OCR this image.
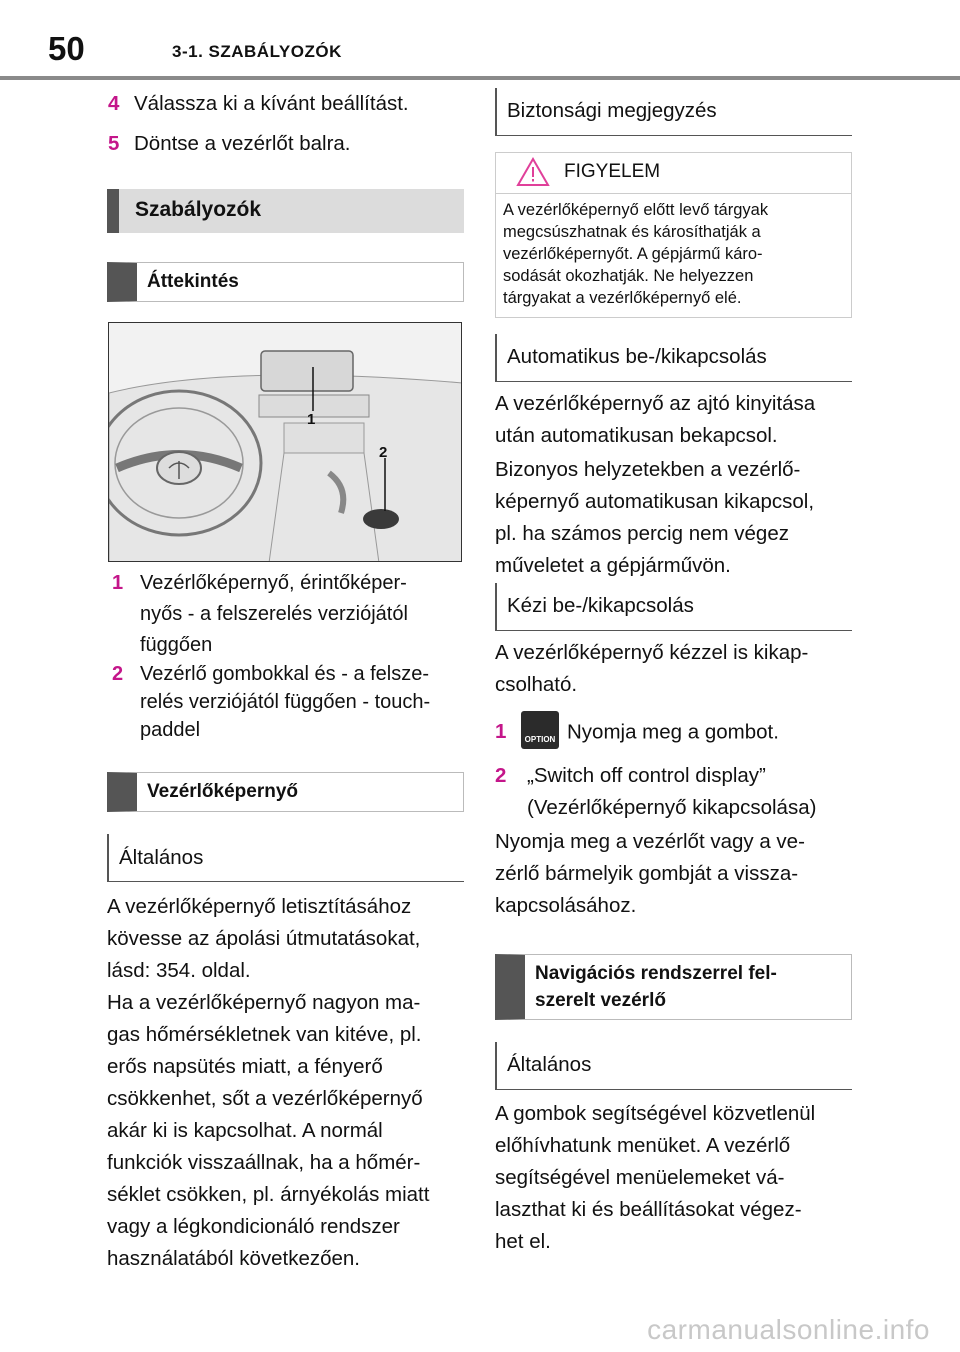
50	3-1. SZABÁLYOZÓK
4 Válassza ki a kívánt beállítást.
5 Döntse a vezérlőt balra.
Szabályozók
Áttekintés
1
2
1 Vezérlőképernyő, érintőképer-
nyős - a felszerelés verziójától
függően
2 Vezérlő gombokkal és - a felsze-
relés verziójától függően - touch-
paddel
Vezérlőképernyő
Általános
A vezérlőképernyő letisztításához
kövesse az ápolási útmutatásokat,
lásd: 354. oldal.
Ha a vezérlőképernyő nagyon ma-
gas hőmérsékletnek van kitéve, pl.
erős napsütés miatt, a fényerő
csökkenhet, sőt a vezérlőképernyő
akár ki is kapcsolhat. A normál
funkciók visszaállnak, ha a hőmér-
séklet csökken, pl. árnyékolás miatt
vagy a légkondicionáló rendszer
használatából következően.
Biztonsági megjegyzés
FIGYELEM
A vezérlőképernyő előtt levő tárgyak
megcsúszhatnak és károsíthatják a
vezérlőképernyőt. A gépjármű káro-
sodását okozhatják. Ne helyezzen
tárgyakat a vezérlőképernyő elé.
Automatikus be-/kikapcsolás
A vezérlőképernyő az ajtó kinyitása
után automatikusan bekapcsol.
Bizonyos helyzetekben a vezérlő-
képernyő automatikusan kikapcsol,
pl. ha számos percig nem végez
műveletet a gépjárművön.
Kézi be-/kikapcsolás
A vezérlőképernyő kézzel is kikap-
csolható.
1	OPTION Nyomja meg a gombot.
2	„Switch off control display”
(Vezérlőképernyő kikapcsolása)
Nyomja meg a vezérlőt vagy a ve-
zérlő bármelyik gombját a vissza-
kapcsolásához.
Navigációs rendszerrel fel-
szerelt vezérlő
Általános
A gombok segítségével közvetlenül
előhívhatunk menüket. A vezérlő
segítségével menüelemeket vá-
laszthat ki és beállításokat végez-
het el.
carmanualsonline.info
